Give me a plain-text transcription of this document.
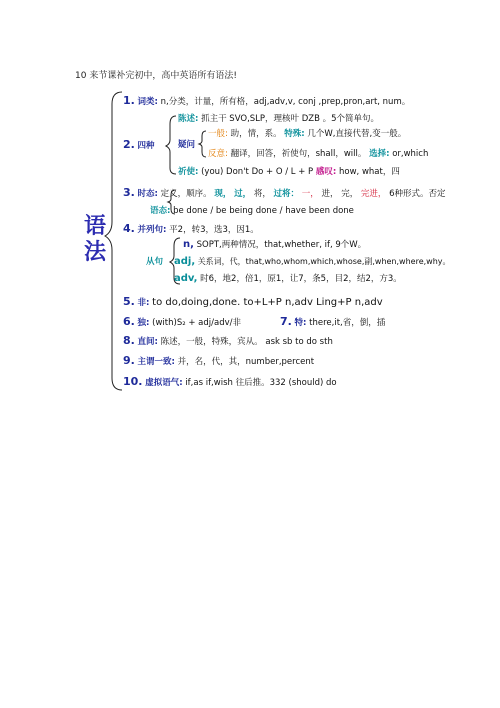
10 来节课补完初中，高中英语所有语法!
语
法
1. 词类: n,分类，计量，所有格，adj,adv,v, conj ,prep,pron,art, num。
2. 四种
陈述: 抓主干 SVO,SLP，理核叶 DZB 。5个简单句。
疑问
一般: 助，情，系。 特殊: 几个W,直接代替,变一般。
反意: 翻译，回答，祈使句，shall，will。 选择: or,which
祈使: (you) Don't Do + O / L + P 感叹: how, what，四
3. 时态: 定义，顺序。 现， 过， 将， 过将： 一， 进， 完， 完进， 6种形式。否定
语态: be done / be being done / have been done
4. 并列句: 平2，转3，选3，因1。
从句
n, SOPT,两种情况，that,whether, if, 9个W。
adj, 关系词，代，that,who,whom,which,whose,副,when,where,why。
adv, 时6，地2，倍1，原1，让7，条5，目2，结2，方3。
5. 非: to do,doing,done. to+L+P n,adv Ling+P n,adv
6. 独: (with)S₂ + adj/adv/非	7. 特: there,it,省，倒，插
8. 直间: 陈述，一般，特殊，宾从。 ask sb to do sth
9. 主谓一致: 并，名，代，其，number,percent
10. 虚拟语气: if,as if,wish 往后推。332 (should) do
